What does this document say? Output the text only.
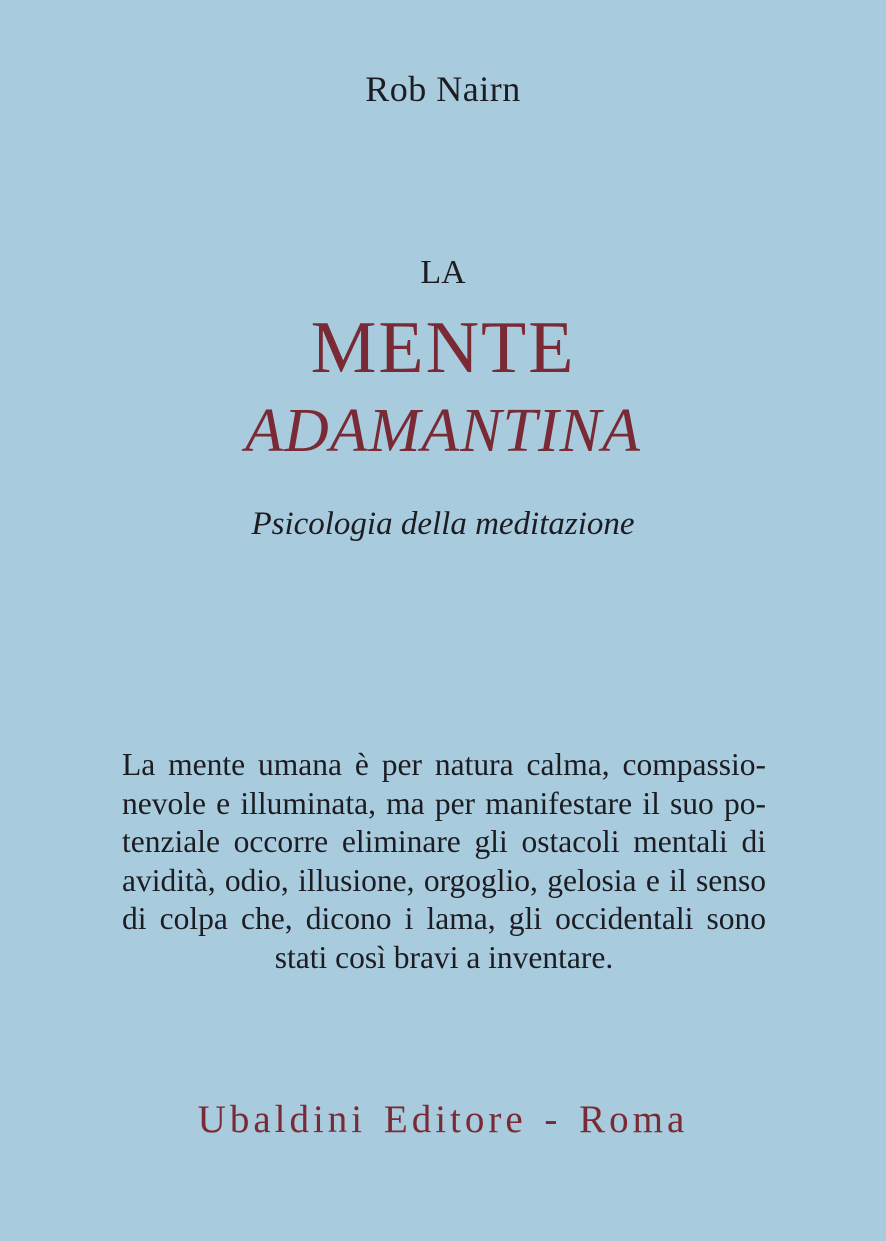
Rob Nairn
LA
MENTE
ADAMANTINA
Psicologia della meditazione
La mente umana è per natura calma, compassio-
nevole e illuminata, ma per manifestare il suo po-
tenziale occorre eliminare gli ostacoli mentali di
avidità, odio, illusione, orgoglio, gelosia e il senso
di colpa che, dicono i lama, gli occidentali sono
stati così bravi a inventare.
Ubaldini Editore - Roma
